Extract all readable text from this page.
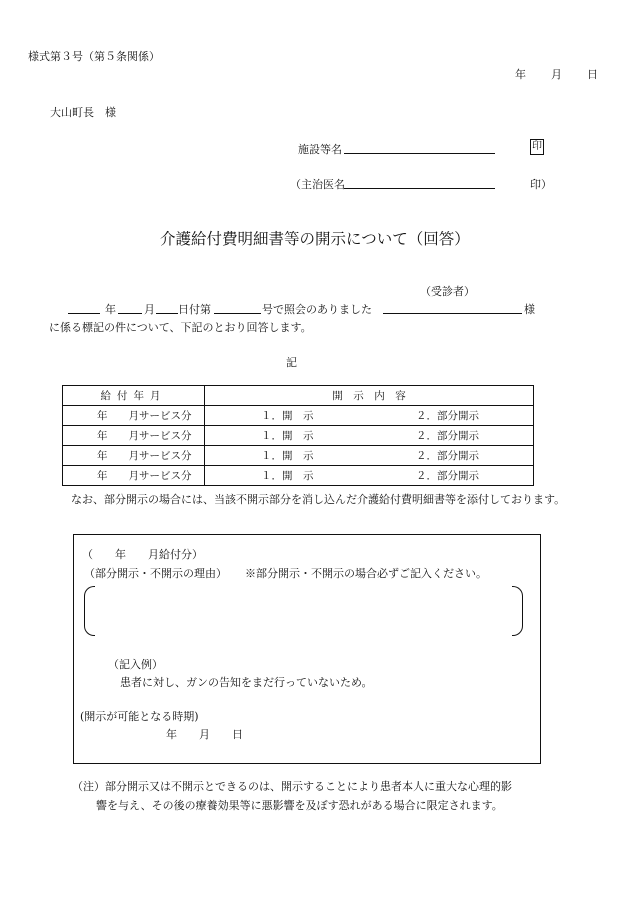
様式第３号（第５条関係）
年　　月　　日
大山町長　様
施設等名	印
（主治医名	印）
介護給付費明細書等の開示について（回答）
（受診者）
年	月 日付第	号で照会のありました	様
に係る標記の件について、下記のとおり回答します。
記
給付年月	開　示　内　容
年　　月サービス分	１．開　示 ２．部分開示
年　　月サービス分	１．開　示 ２．部分開示
年　　月サービス分	１．開　示 ２．部分開示
年　　月サービス分	１．開　示 ２．部分開示
なお、部分開示の場合には、当該不開示部分を消し込んだ介護給付費明細書等を添付しております。
（　　年　　月給付分）
（部分開示・不開示の理由） ※部分開示・不開示の場合必ずご記入ください。
（記入例）
患者に対し、ガンの告知をまだ行っていないため。
(開示が可能となる時期)
年　　月　　日
（注）部分開示又は不開示とできるのは、開示することにより患者本人に重大な心理的影
響を与え、その後の療養効果等に悪影響を及ぼす恐れがある場合に限定されます。
